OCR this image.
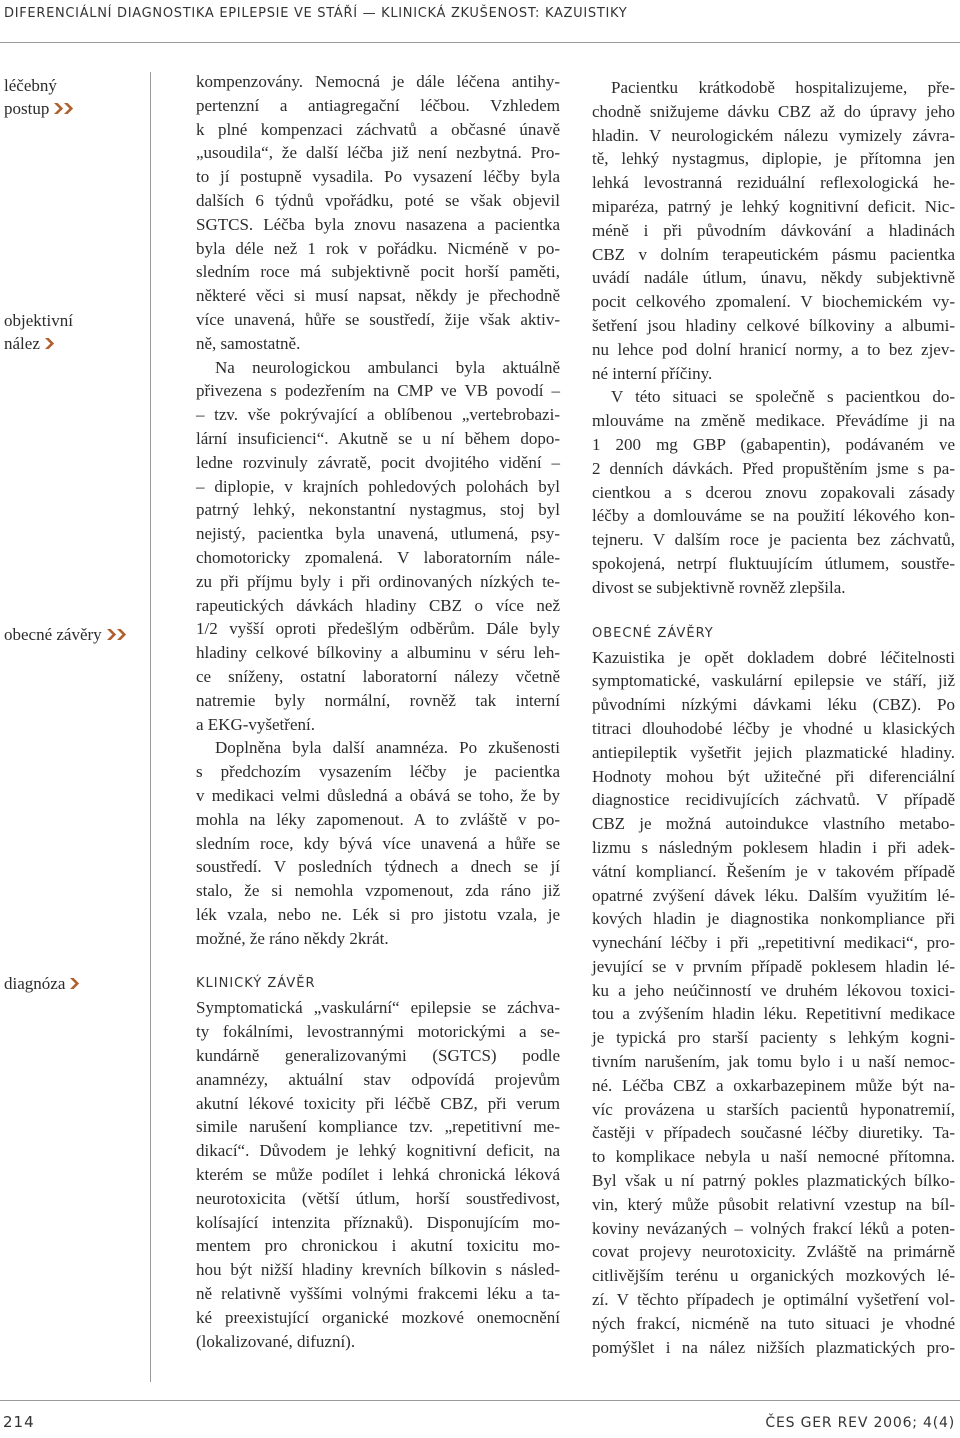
DIFERENCIÁLNÍ DIAGNOSTIKA EPILEPSIE VE STÁŘÍ — KLINICKÁ ZKUŠENOST: KAZUISTIKY
léčebný
postup
objektivní
nález
obecné závěry
diagnóza
kompenzovány. Nemocná je dále léčena antihy-
pertenzní a antiagregační léčbou. Vzhledem
k plné kompenzaci záchvatů a občasné únavě
„usoudila“, že další léčba již není nezbytná. Pro-
to jí postupně vysadila. Po vysazení léčby byla
dalších 6 týdnů vpořádku, poté se však objevil
SGTCS. Léčba byla znovu nasazena a pacientka
byla déle než 1 rok v pořádku. Nicméně v po-
sledním roce má subjektivně pocit horší paměti,
některé věci si musí napsat, někdy je přechodně
více unavená, hůře se soustředí, žije však aktiv-
ně, samostatně.
Na neurologickou ambulanci byla aktuálně
přivezena s podezřením na CMP ve VB povodí –
– tzv. vše pokrývající a oblíbenou „vertebrobazi-
lární insuficienci“. Akutně se u ní během dopo-
ledne rozvinuly závratě, pocit dvojitého vidění –
– diplopie, v krajních pohledových polohách byl
patrný lehký, nekonstantní nystagmus, stoj byl
nejistý, pacientka byla unavená, utlumená, psy-
chomotoricky zpomalená. V laboratorním nále-
zu při příjmu byly i při ordinovaných nízkých te-
rapeutických dávkách hladiny CBZ o více než
1/2 vyšší oproti předešlým odběrům. Dále byly
hladiny celkové bílkoviny a albuminu v séru leh-
ce sníženy, ostatní laboratorní nálezy včetně
natremie byly normální, rovněž tak interní
a EKG-vyšetření.
Doplněna byla další anamnéza. Po zkušenosti
s předchozím vysazením léčby je pacientka
v medikaci velmi důsledná a obává se toho, že by
mohla na léky zapomenout. A to zvláště v po-
sledním roce, kdy bývá více unavená a hůře se
soustředí. V posledních týdnech a dnech se jí
stalo, že si nemohla vzpomenout, zda ráno již
lék vzala, nebo ne. Lék si pro jistotu vzala, je
možné, že ráno někdy 2krát.
KLINICKÝ ZÁVĚR
Symptomatická „vaskulární“ epilepsie se záchva-
ty fokálními, levostrannými motorickými a se-
kundárně generalizovanými (SGTCS) podle
anamnézy, aktuální stav odpovídá projevům
akutní lékové toxicity při léčbě CBZ, při verum
simile narušení kompliance tzv. „repetitivní me-
dikací“. Důvodem je lehký kognitivní deficit, na
kterém se může podílet i lehká chronická léková
neurotoxicita (větší útlum, horší soustředivost,
kolísající intenzita příznaků). Disponujícím mo-
mentem pro chronickou i akutní toxicitu mo-
hou být nižší hladiny krevních bílkovin s násled-
ně relativně vyššími volnými frakcemi léku a ta-
ké preexistující organické mozkové onemocnění
(lokalizované, difuzní).
Pacientku krátkodobě hospitalizujeme, pře-
chodně snižujeme dávku CBZ až do úpravy jeho
hladin. V neurologickém nálezu vymizely závra-
tě, lehký nystagmus, diplopie, je přítomna jen
lehká levostranná reziduální reflexologická he-
miparéza, patrný je lehký kognitivní deficit. Nic-
méně i při původním dávkování a hladinách
CBZ v dolním terapeutickém pásmu pacientka
uvádí nadále útlum, únavu, někdy subjektivně
pocit celkového zpomalení. V biochemickém vy-
šetření jsou hladiny celkové bílkoviny a albumi-
nu lehce pod dolní hranicí normy, a to bez zjev-
né interní příčiny.
V této situaci se společně s pacientkou do-
mlouváme na změně medikace. Převádíme ji na
1 200 mg GBP (gabapentin), podávaném ve
2 denních dávkách. Před propuštěním jsme s pa-
cientkou a s dcerou znovu zopakovali zásady
léčby a domlouváme se na použití lékového kon-
tejneru. V dalším roce je pacienta bez záchvatů,
spokojená, netrpí fluktuujícím útlumem, soustře-
divost se subjektivně rovněž zlepšila.
OBECNÉ ZÁVĚRY
Kazuistika je opět dokladem dobré léčitelnosti
symptomatické, vaskulární epilepsie ve stáří, již
původními nízkými dávkami léku (CBZ). Po
titraci dlouhodobé léčby je vhodné u klasických
antiepileptik vyšetřit jejich plazmatické hladiny.
Hodnoty mohou být užitečné při diferenciální
diagnostice recidivujících záchvatů. V případě
CBZ je možná autoindukce vlastního metabo-
lizmu s následným poklesem hladin i při adek-
vátní kompliancí. Řešením je v takovém případě
opatrné zvýšení dávek léku. Dalším využitím lé-
kových hladin je diagnostika nonkompliance při
vynechání léčby i při „repetitivní medikaci“, pro-
jevující se v prvním případě poklesem hladin lé-
ku a jeho neúčinností ve druhém lékovou toxici-
tou a zvýšením hladin léku. Repetitivní medikace
je typická pro starší pacienty s lehkým kogni-
tivním narušením, jak tomu bylo i u naší nemoc-
né. Léčba CBZ a oxkarbazepinem může být na-
víc provázena u starších pacientů hyponatremií,
častěji v případech současné léčby diuretiky. Ta-
to komplikace nebyla u naší nemocné přítomna.
Byl však u ní patrný pokles plazmatických bílko-
vin, který může působit relativní vzestup na bíl-
koviny nevázaných – volných frakcí léků a poten-
covat projevy neurotoxicity. Zvláště na primárně
citlivějším terénu u organických mozkových lé-
zí. V těchto případech je optimální vyšetření vol-
ných frakcí, nicméně na tuto situaci je vhodné
pomýšlet i na nález nižších plazmatických pro-
214	ČES GER REV 2006; 4(4)
